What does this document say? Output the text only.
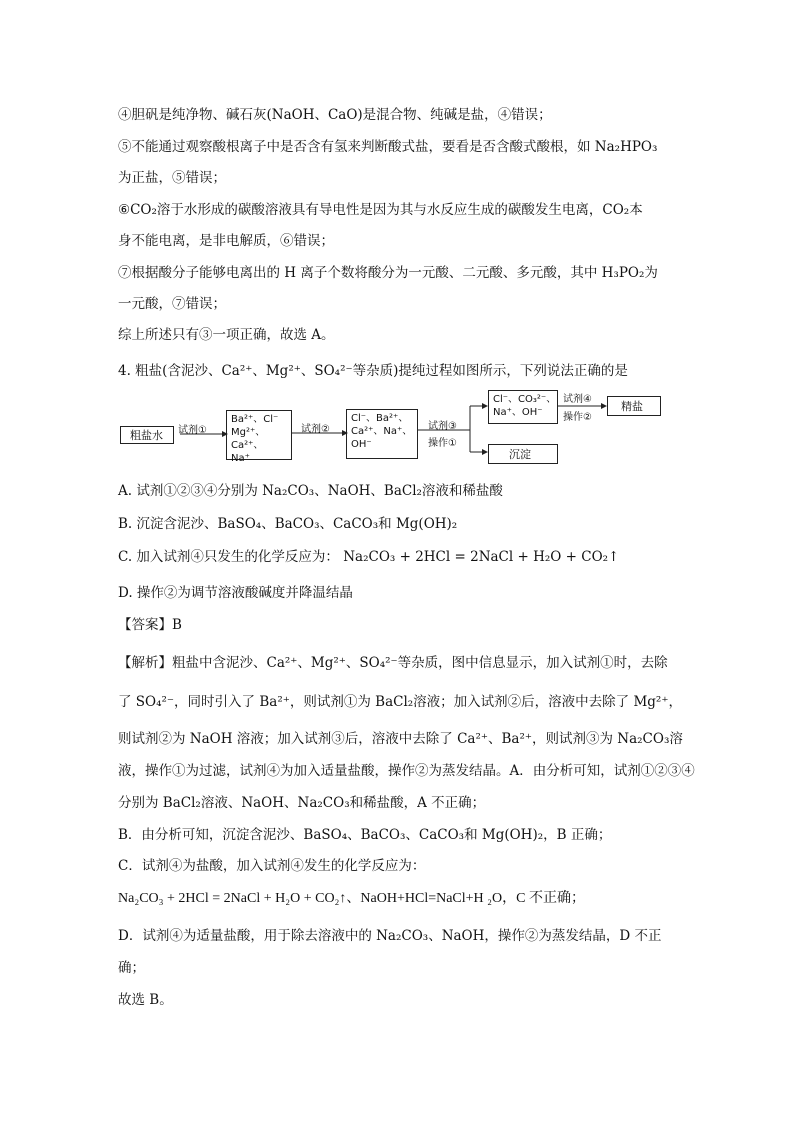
④胆矾是纯净物、碱石灰(NaOH、CaO)是混合物、纯碱是盐，④错误；
⑤不能通过观察酸根离子中是否含有氢来判断酸式盐，要看是否含酸式酸根，如 Na₂HPO₃
为正盐，⑤错误；
⑥CO₂溶于水形成的碳酸溶液具有导电性是因为其与水反应生成的碳酸发生电离，CO₂本
身不能电离，是非电解质，⑥错误；
⑦根据酸分子能够电离出的 H 离子个数将酸分为一元酸、二元酸、多元酸，其中 H₃PO₂为
一元酸，⑦错误；
综上所述只有③一项正确，故选 A。
4. 粗盐(含泥沙、Ca²⁺、Mg²⁺、SO₄²⁻等杂质)提纯过程如图所示，下列说法正确的是
粗盐水	试剂①
Ba²⁺、Cl⁻
Mg²⁺、Ca²⁺、
Na⁺
试剂②
Cl⁻、Ba²⁺、
Ca²⁺、Na⁺、
OH⁻
试剂③
操作①
Cl⁻、CO₃²⁻、
Na⁺、OH⁻
试剂④
操作②
精盐
沉淀
A. 试剂①②③④分别为 Na₂CO₃、NaOH、BaCl₂溶液和稀盐酸
B. 沉淀含泥沙、BaSO₄、BaCO₃、CaCO₃和 Mg(OH)₂
C. 加入试剂④只发生的化学反应为： Na₂CO₃ + 2HCl = 2NaCl + H₂O + CO₂↑
D. 操作②为调节溶液酸碱度并降温结晶
【答案】B
【解析】粗盐中含泥沙、Ca²⁺、Mg²⁺、SO₄²⁻等杂质，图中信息显示，加入试剂①时，去除
了 SO₄²⁻，同时引入了 Ba²⁺，则试剂①为 BaCl₂溶液；加入试剂②后，溶液中去除了 Mg²⁺，
则试剂②为 NaOH 溶液；加入试剂③后，溶液中去除了 Ca²⁺、Ba²⁺，则试剂③为 Na₂CO₃溶
液，操作①为过滤，试剂④为加入适量盐酸，操作②为蒸发结晶。A．由分析可知，试剂①②③④
分别为 BaCl₂溶液、NaOH、Na₂CO₃和稀盐酸，A 不正确；
B．由分析可知，沉淀含泥沙、BaSO₄、BaCO₃、CaCO₃和 Mg(OH)₂，B 正确；
C．试剂④为盐酸，加入试剂④发生的化学反应为：
Na₂CO₃ + 2HCl = 2NaCl + H₂O + CO₂↑、NaOH+HCl=NaCl+H ₂O，C 不正确；
D．试剂④为适量盐酸，用于除去溶液中的 Na₂CO₃、NaOH，操作②为蒸发结晶，D 不正
确；
故选 B。
